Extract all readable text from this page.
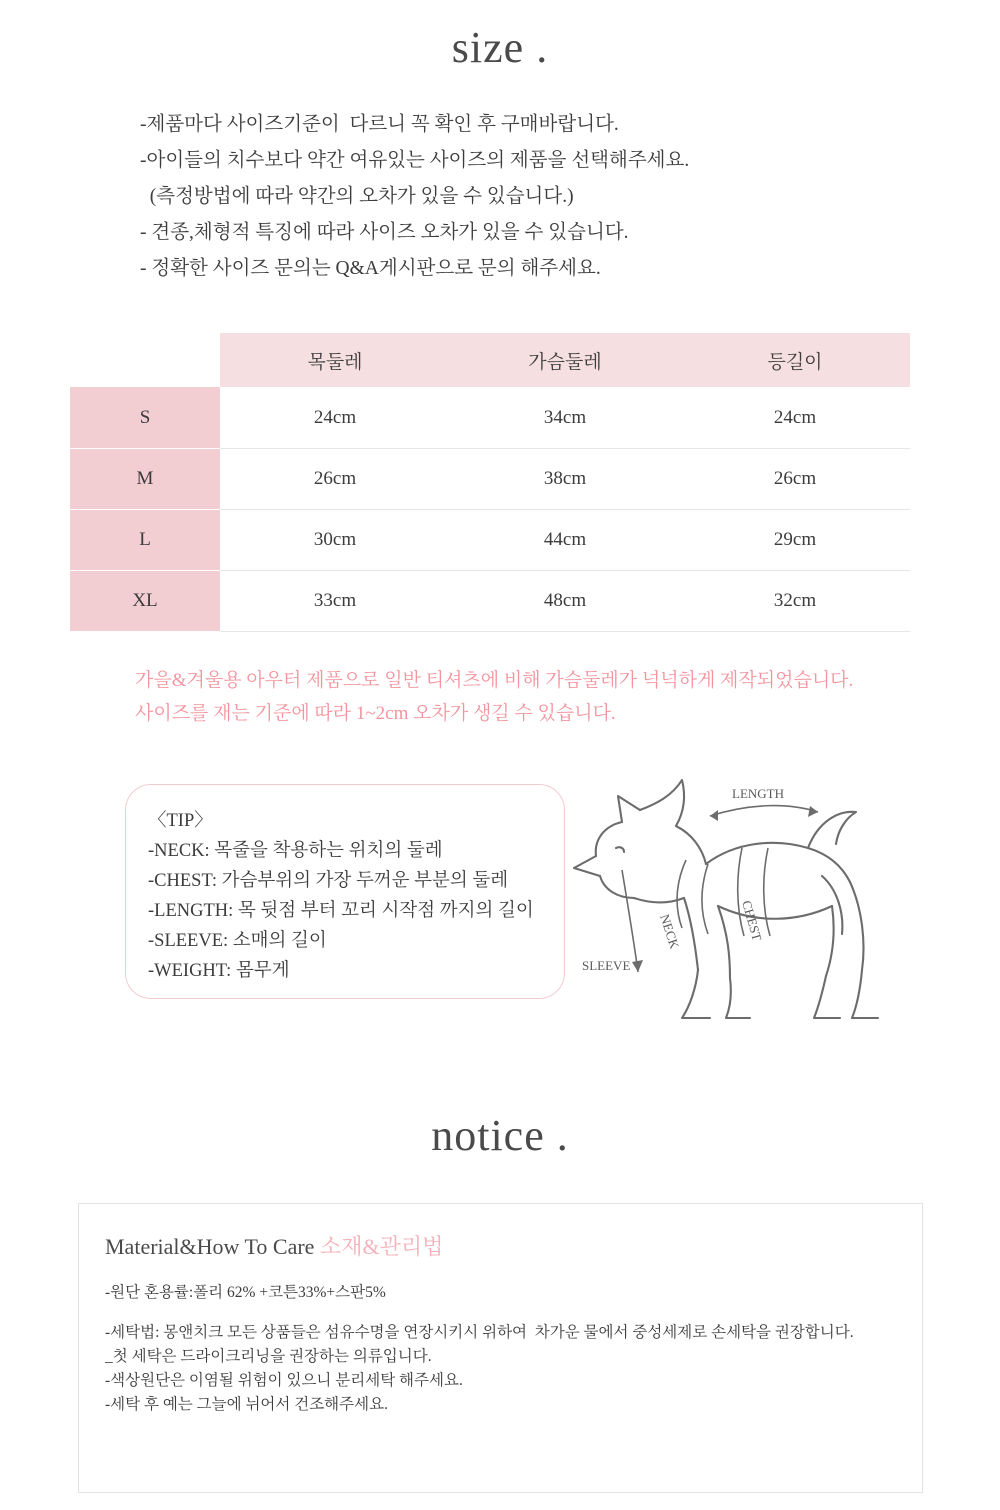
size .
-제품마다 사이즈기준이  다르니 꼭 확인 후 구매바랍니다.
-아이들의 치수보다 약간 여유있는 사이즈의 제품을 선택해주세요.
(측정방법에 따라 약간의 오차가 있을 수 있습니다.)
- 견종,체형적 특징에 따라 사이즈 오차가 있을 수 있습니다.
- 정확한 사이즈 문의는 Q&A게시판으로 문의 해주세요.
	목둘레	가슴둘레	등길이
S	24cm	34cm	24cm
M	26cm	38cm	26cm
L	30cm	44cm	29cm
XL	33cm	48cm	32cm
가을&겨울용 아우터 제품으로 일반 티셔츠에 비해 가슴둘레가 넉넉하게 제작되었습니다.
사이즈를 재는 기준에 따라 1~2cm 오차가 생길 수 있습니다.
〈TIP〉
-NECK: 목줄을 착용하는 위치의 둘레
-CHEST: 가슴부위의 가장 두꺼운 부분의 둘레
-LENGTH: 목 뒷점 부터 꼬리 시작점 까지의 길이
-SLEEVE: 소매의 길이
-WEIGHT: 몸무게
LENGTH
NECK	CHEST
SLEEVE
notice .
Material&How To Care 소재&관리법
-원단 혼용률:폴리 62% +코튼33%+스판5%
-세탁법: 몽앤치크 모든 상품들은 섬유수명을 연장시키시 위하여  차가운 물에서 중성세제로 손세탁을 권장합니다.
_첫 세탁은 드라이크리닝을 권장하는 의류입니다.
-색상원단은 이염될 위험이 있으니 분리세탁 해주세요.
-세탁 후 예는 그늘에 뉘어서 건조해주세요.
